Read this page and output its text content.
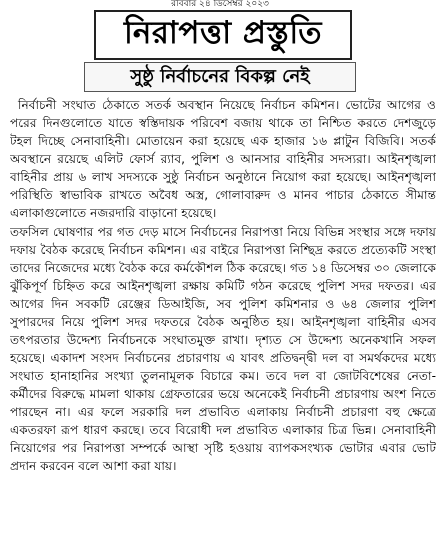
রবিবার ২৪ ডিসেম্বর ২০২৩
নিরাপত্তা প্রস্তুতি
সুষ্ঠু নির্বাচনের বিকল্প নেই

নির্বাচনী সংঘাত ঠেকাতে সতর্ক অবস্থান নিয়েছে নির্বাচন কমিশন। ভোটের আগের ও পরের দিনগুলোতে যাতে স্বস্তিদায়ক পরিবেশ বজায় থাকে তা নিশ্চিত করতে দেশজুড়ে টহল দিচ্ছে সেনাবাহিনী। মোতায়েন করা হয়েছে এক হাজার ১৬ প্লাটুন বিজিবি। সতর্ক অবস্থানে রয়েছে এলিট ফোর্স র‌্যাব, পুলিশ ও আনসার বাহিনীর সদস্যরা। আইনশৃঙ্খলা বাহিনীর প্রায় ৬ লাখ সদস্যকে সুষ্ঠু নির্বাচন অনুষ্ঠানে নিয়োগ করা হয়েছে। আইনশৃঙ্খলা পরিস্থিতি স্বাভাবিক রাখতে অবৈধ অস্ত্র, গোলাবারুদ ও মানব পাচার ঠেকাতে সীমান্ত এলাকাগুলোতে নজরদারি বাড়ানো হয়েছে।

তফসিল ঘোষণার পর গত দেড় মাসে নির্বাচনের নিরাপত্তা নিয়ে বিভিন্ন সংস্থার সঙ্গে দফায় দফায় বৈঠক করেছে নির্বাচন কমিশন। এর বাইরে নিরাপত্তা নিশ্ছিদ্র করতে প্রত্যেকটি সংস্থা তাদের নিজেদের মধ্যে বৈঠক করে কর্মকৌশল ঠিক করেছে। গত ১৪ ডিসেম্বর ৩০ জেলাকে ঝুঁকিপূর্ণ চিহ্নিত করে আইনশৃঙ্খলা রক্ষায় কমিটি গঠন করেছে পুলিশ সদর দফতর। এর আগের দিন সবকটি রেঞ্জের ডিআইজি, সব পুলিশ কমিশনার ও ৬৪ জেলার পুলিশ সুপারদের নিয়ে পুলিশ সদর দফতরে বৈঠক অনুষ্ঠিত হয়। আইনশৃঙ্খলা বাহিনীর এসব তৎপরতার উদ্দেশ্য নির্বাচনকে সংঘাতমুক্ত রাখা। দৃশ্যত সে উদ্দেশ্য অনেকখানি সফল হয়েছে। একাদশ সংসদ নির্বাচনের প্রচারণায় এ যাবৎ প্রতিদ্বন্দ্বী দল বা সমর্থকদের মধ্যে সংঘাত হানাহানির সংখ্যা তুলনামূলক বিচারে কম। তবে দল বা জোটবিশেষের নেতা-কর্মীদের বিরুদ্ধে মামলা থাকায় গ্রেফতারের ভয়ে অনেকেই নির্বাচনী প্রচারণায় অংশ নিতে পারছেন না। এর ফলে সরকারি দল প্রভাবিত এলাকায় নির্বাচনী প্রচারণা বহু ক্ষেত্রে একতরফা রূপ ধারণ করছে। তবে বিরোধী দল প্রভাবিত এলাকার চিত্র ভিন্ন। সেনাবাহিনী নিয়োগের পর নিরাপত্তা সম্পর্কে আস্থা সৃষ্টি হওয়ায় ব্যাপকসংখ্যক ভোটার এবার ভোট প্রদান করবেন বলে আশা করা যায়।
